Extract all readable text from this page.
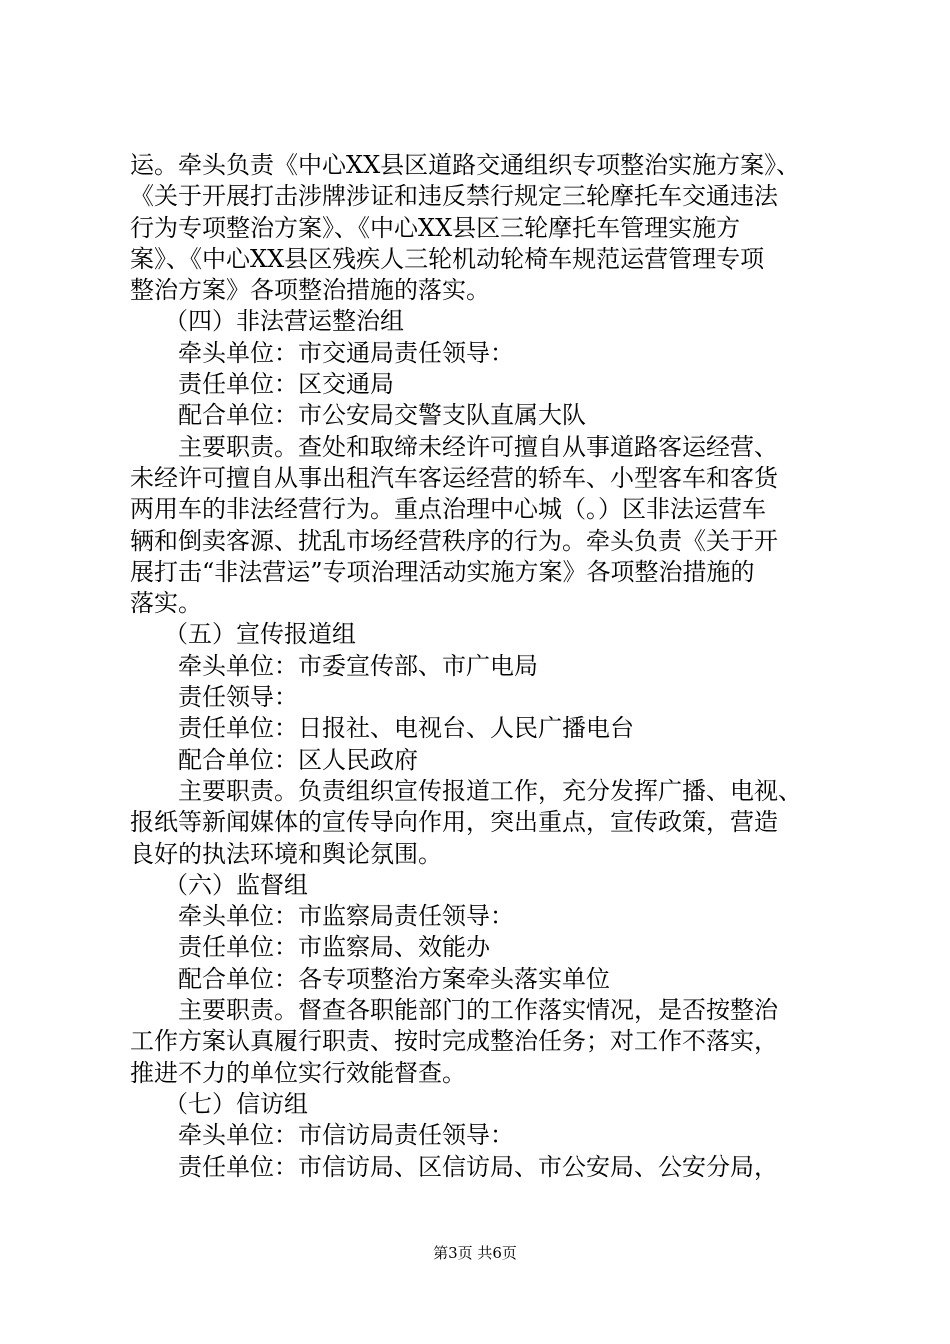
运。牵头负责《中心XX县区道路交通组织专项整治实施方案》、
《关于开展打击涉牌涉证和违反禁行规定三轮摩托车交通违法
行为专项整治方案》、《中心XX县区三轮摩托车管理实施方
案》、《中心XX县区残疾人三轮机动轮椅车规范运营管理专项
整治方案》各项整治措施的落实。
（四）非法营运整治组
牵头单位：市交通局责任领导：
责任单位：区交通局
配合单位：市公安局交警支队直属大队
主要职责。查处和取缔未经许可擅自从事道路客运经营、
未经许可擅自从事出租汽车客运经营的轿车、小型客车和客货
两用车的非法经营行为。重点治理中心城（。）区非法运营车
辆和倒卖客源、扰乱市场经营秩序的行为。牵头负责《关于开
展打击“非法营运”专项治理活动实施方案》各项整治措施的
落实。
（五）宣传报道组
牵头单位：市委宣传部、市广电局
责任领导：
责任单位：日报社、电视台、人民广播电台
配合单位：区人民政府
主要职责。负责组织宣传报道工作，充分发挥广播、电视、
报纸等新闻媒体的宣传导向作用，突出重点，宣传政策，营造
良好的执法环境和舆论氛围。
（六）监督组
牵头单位：市监察局责任领导：
责任单位：市监察局、效能办
配合单位：各专项整治方案牵头落实单位
主要职责。督查各职能部门的工作落实情况，是否按整治
工作方案认真履行职责、按时完成整治任务；对工作不落实，
推进不力的单位实行效能督查。
（七）信访组
牵头单位：市信访局责任领导：
责任单位：市信访局、区信访局、市公安局、公安分局，
第3页 共6页
